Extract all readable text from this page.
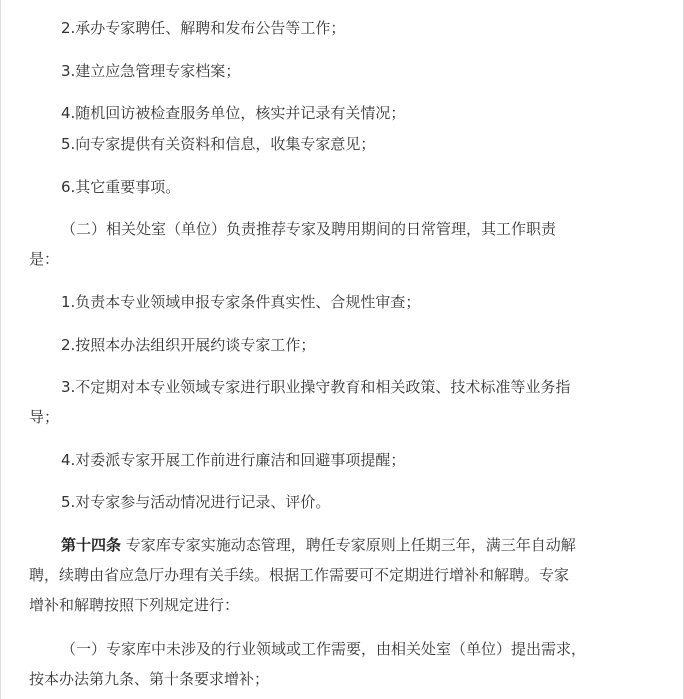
2.承办专家聘任、解聘和发布公告等工作；

3.建立应急管理专家档案；

4.随机回访被检查服务单位，核实并记录有关情况；

5.向专家提供有关资料和信息，收集专家意见；

6.其它重要事项。

（二）相关处室（单位）负责推荐专家及聘用期间的日常管理，其工作职责
是：

1.负责本专业领域申报专家条件真实性、合规性审查；

2.按照本办法组织开展约谈专家工作；

3.不定期对本专业领域专家进行职业操守教育和相关政策、技术标准等业务指
导；

4.对委派专家开展工作前进行廉洁和回避事项提醒；

5.对专家参与活动情况进行记录、评价。

第十四条 专家库专家实施动态管理，聘任专家原则上任期三年，满三年自动解
聘，续聘由省应急厅办理有关手续。根据工作需要可不定期进行增补和解聘。专家
增补和解聘按照下列规定进行：
（一）专家库中未涉及的行业领域或工作需要，由相关处室（单位）提出需求，
按本办法第九条、第十条要求增补；
